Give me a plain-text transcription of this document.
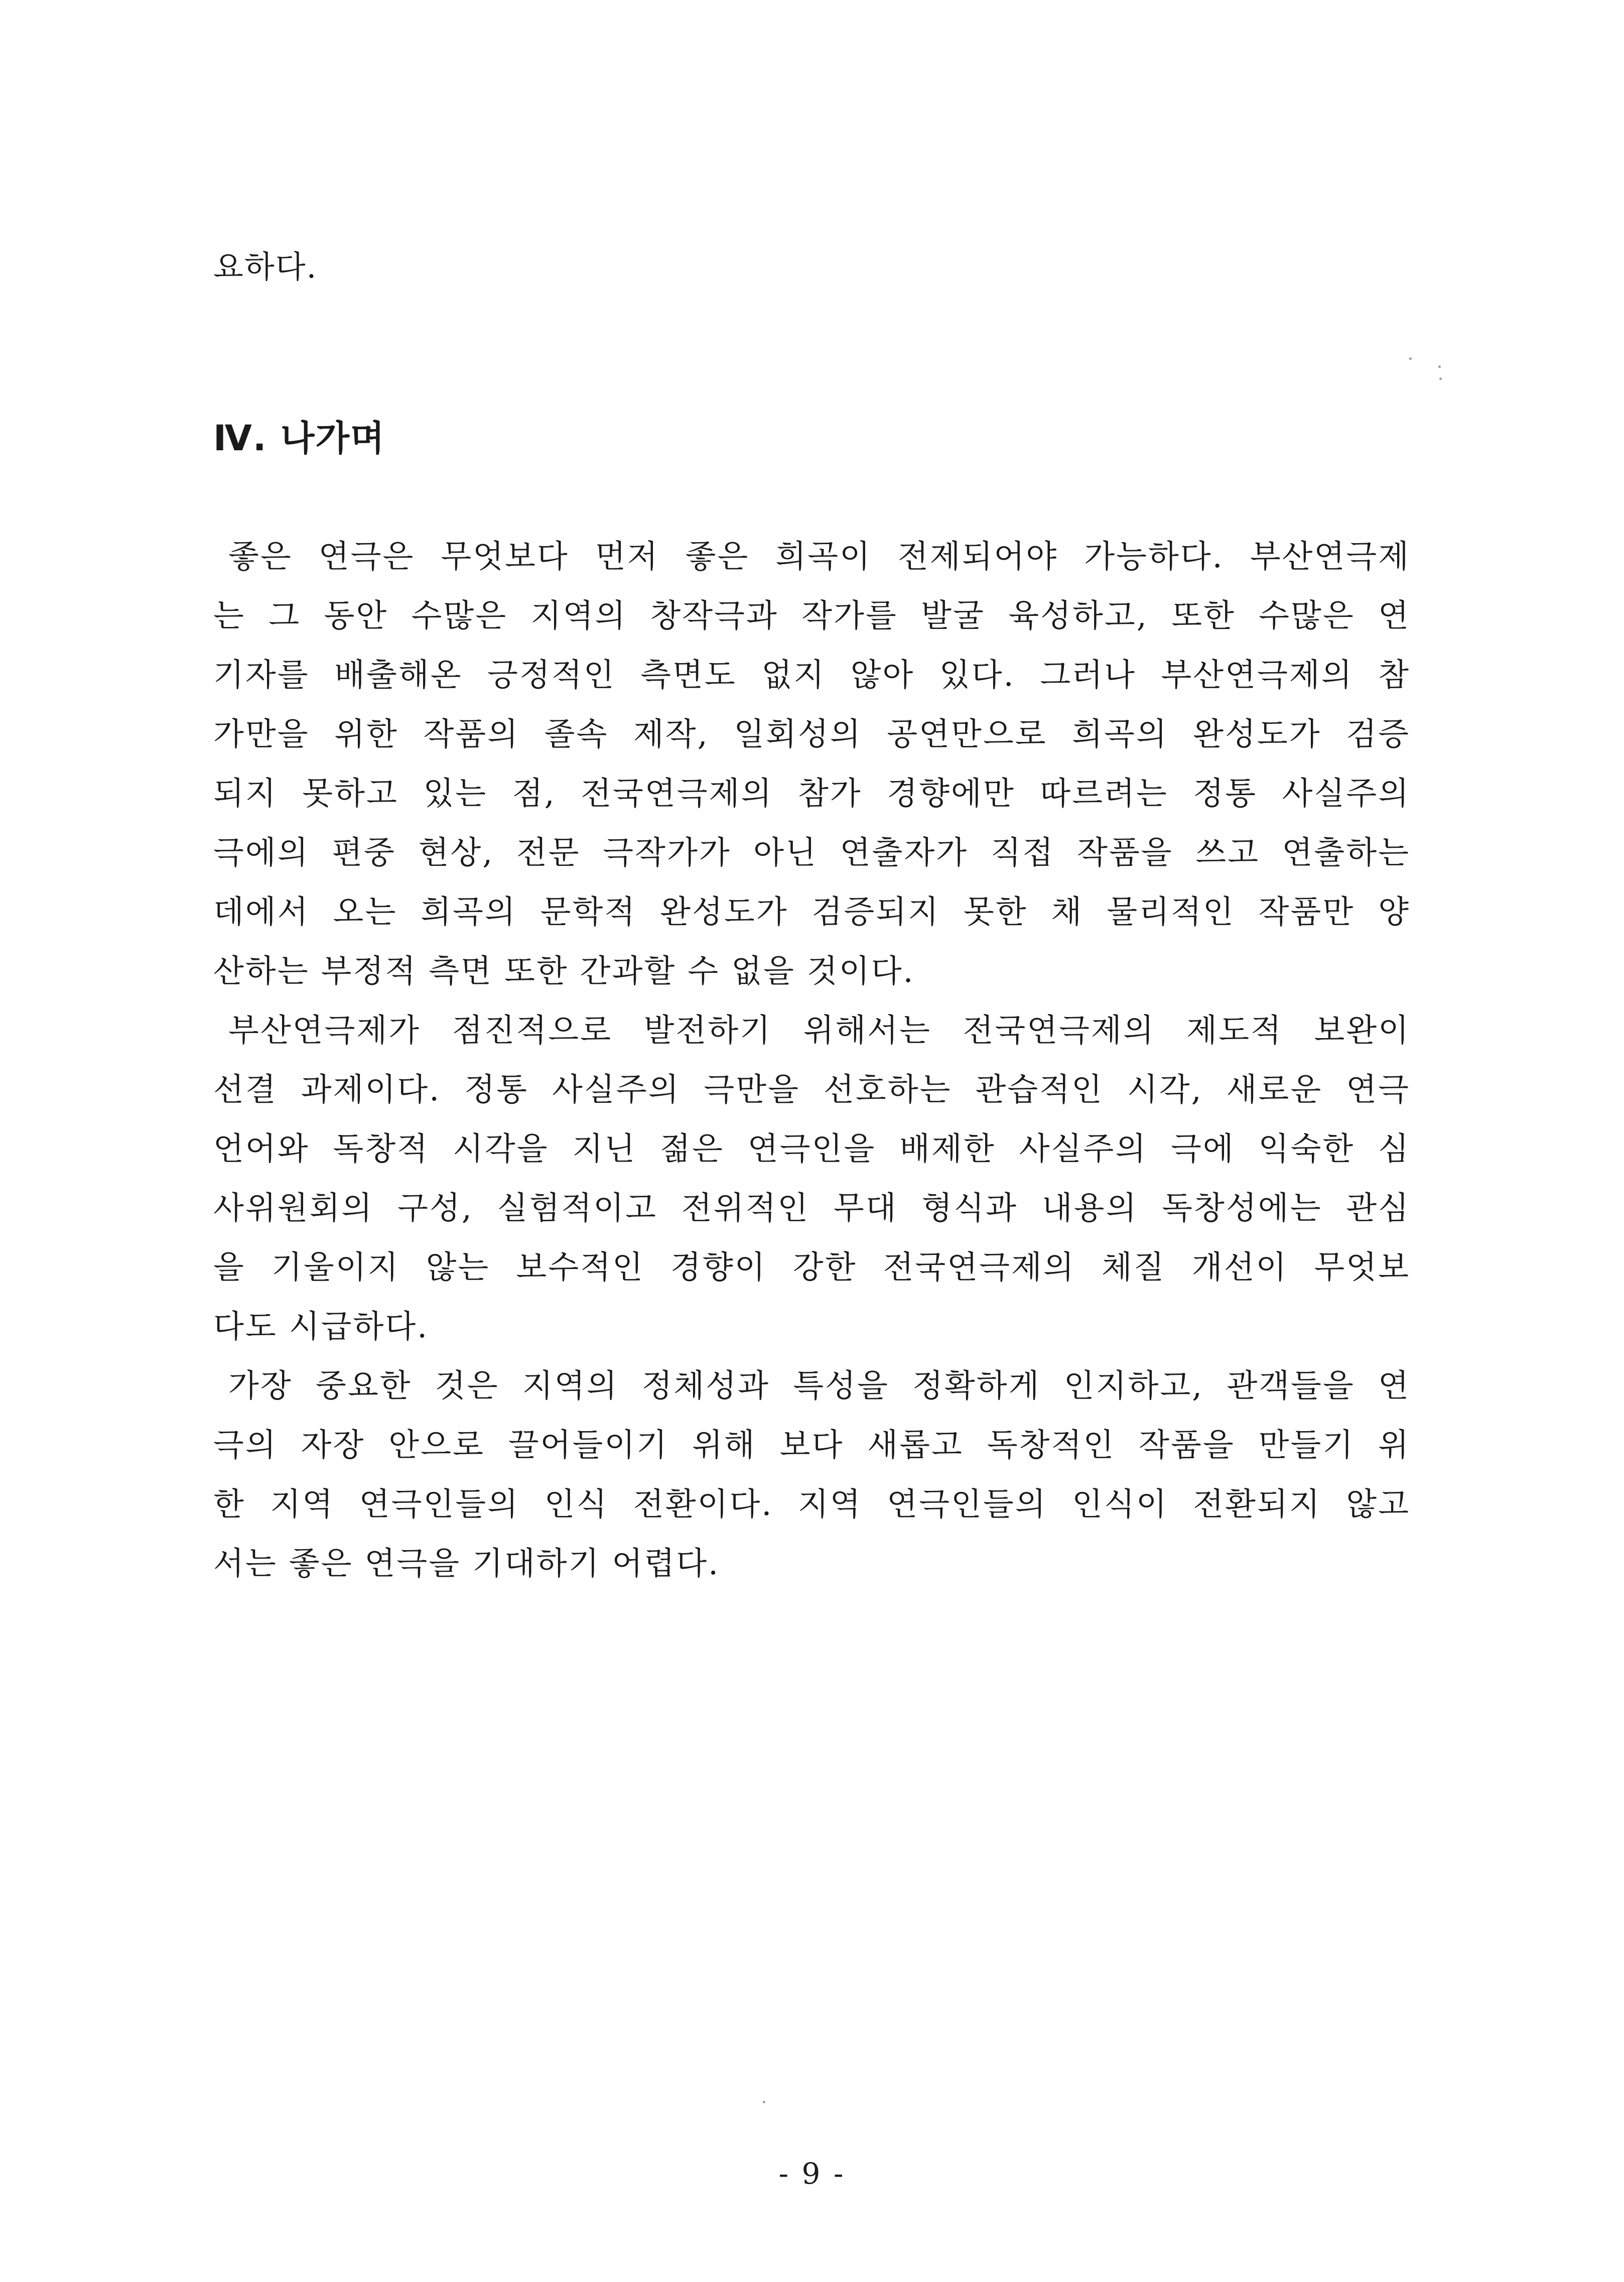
요하다.
Ⅳ. 나가며
좋은 연극은 무엇보다 먼저 좋은 희곡이 전제되어야 가능하다. 부산연극제
는 그 동안 수많은 지역의 창작극과 작가를 발굴 육성하고, 또한 수많은 연
기자를 배출해온 긍정적인 측면도 없지 않아 있다. 그러나 부산연극제의 참
가만을 위한 작품의 졸속 제작, 일회성의 공연만으로 희곡의 완성도가 검증
되지 못하고 있는 점, 전국연극제의 참가 경향에만 따르려는 정통 사실주의
극에의 편중 현상, 전문 극작가가 아닌 연출자가 직접 작품을 쓰고 연출하는
데에서 오는 희곡의 문학적 완성도가 검증되지 못한 채 물리적인 작품만 양
산하는 부정적 측면 또한 간과할 수 없을 것이다.
부산연극제가 점진적으로 발전하기 위해서는 전국연극제의 제도적 보완이
선결 과제이다. 정통 사실주의 극만을 선호하는 관습적인 시각, 새로운 연극
언어와 독창적 시각을 지닌 젊은 연극인을 배제한 사실주의 극에 익숙한 심
사위원회의 구성, 실험적이고 전위적인 무대 형식과 내용의 독창성에는 관심
을 기울이지 않는 보수적인 경향이 강한 전국연극제의 체질 개선이 무엇보
다도 시급하다.
가장 중요한 것은 지역의 정체성과 특성을 정확하게 인지하고, 관객들을 연
극의 자장 안으로 끌어들이기 위해 보다 새롭고 독창적인 작품을 만들기 위
한 지역 연극인들의 인식 전환이다. 지역 연극인들의 인식이 전환되지 않고
서는 좋은 연극을 기대하기 어렵다.
- 9 -
